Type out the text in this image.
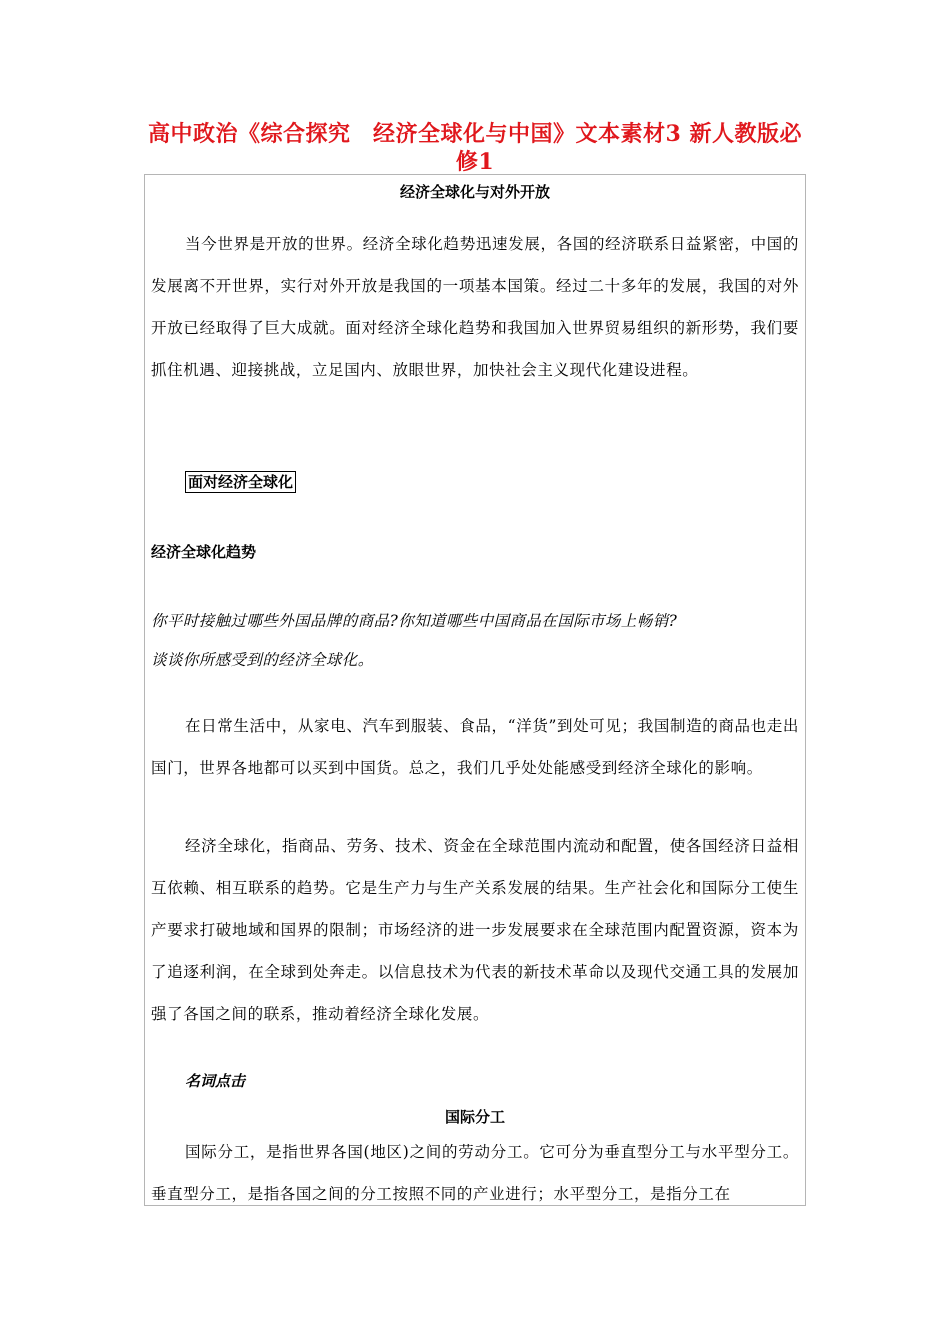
高中政治《综合探究　经济全球化与中国》文本素材3 新人教版必修1
经济全球化与对外开放

当今世界是开放的世界。经济全球化趋势迅速发展，各国的经济联系日益紧密，中国的发展离不开世界，实行对外开放是我国的一项基本国策。经过二十多年的发展，我国的对外开放已经取得了巨大成就。面对经济全球化趋势和我国加入世界贸易组织的新形势，我们要抓住机遇、迎接挑战，立足国内、放眼世界，加快社会主义现代化建设进程。

面对经济全球化

经济全球化趋势

你平时接触过哪些外国品牌的商品?你知道哪些中国商品在国际市场上畅销?

谈谈你所感受到的经济全球化。

在日常生活中，从家电、汽车到服装、食品，“洋货”到处可见；我国制造的商品也走出国门，世界各地都可以买到中国货。总之，我们几乎处处能感受到经济全球化的影响。

经济全球化，指商品、劳务、技术、资金在全球范围内流动和配置，使各国经济日益相互依赖、相互联系的趋势。它是生产力与生产关系发展的结果。生产社会化和国际分工使生产要求打破地域和国界的限制；市场经济的进一步发展要求在全球范围内配置资源，资本为了追逐利润，在全球到处奔走。以信息技术为代表的新技术革命以及现代交通工具的发展加强了各国之间的联系，推动着经济全球化发展。

名词点击

国际分工

国际分工，是指世界各国(地区)之间的劳动分工。它可分为垂直型分工与水平型分工。垂直型分工，是指各国之间的分工按照不同的产业进行；水平型分工，是指分工在
